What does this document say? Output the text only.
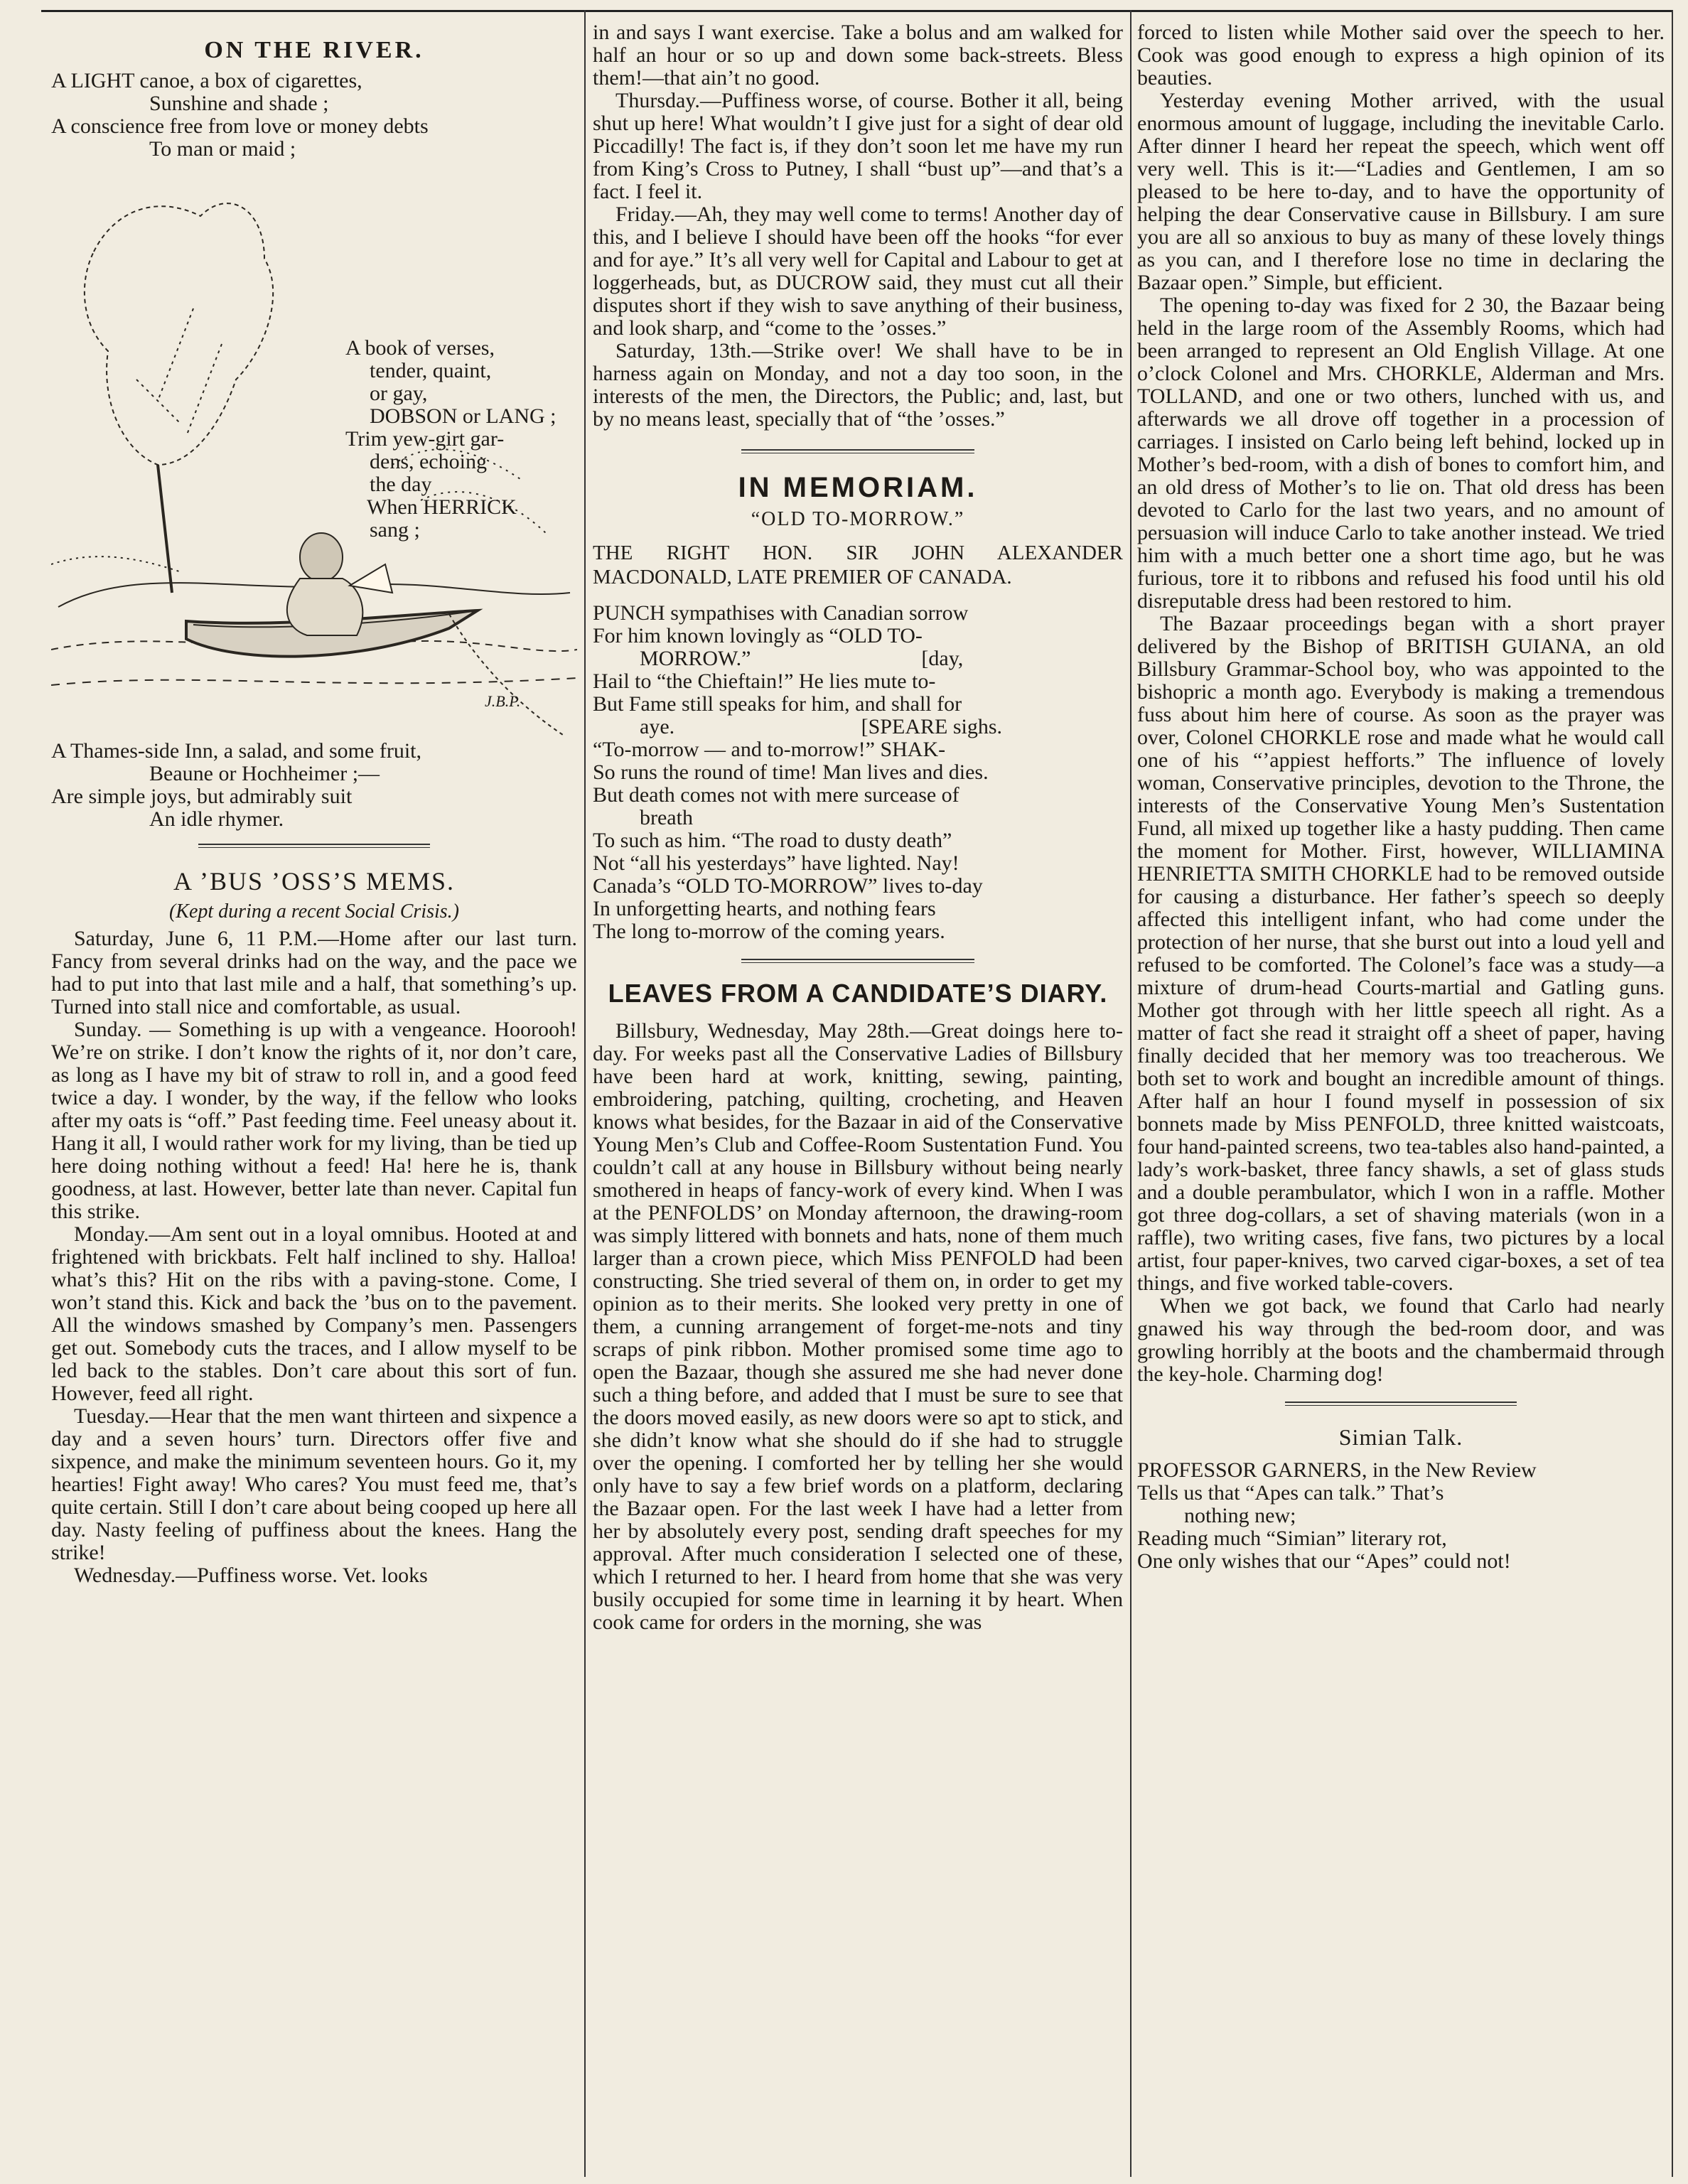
ON THE RIVER.

A LIGHT canoe, a box of cigarettes,

Sunshine and shade ;

A conscience free from love or money debts

To man or maid ;

A book of verses,

tender, quaint,

or gay,

DOBSON or LANG ;

Trim yew-girt gar-

dens, echoing

the day

When HERRICK

sang ;

J.B.P.

A Thames-side Inn, a salad, and some fruit,

Beaune or Hochheimer ;—

Are simple joys, but admirably suit

An idle rhymer.

A ’BUS ’OSS’S MEMS.
(Kept during a recent Social Crisis.)

Saturday, June 6, 11 P.M.—Home after our last turn. Fancy from several drinks had on the way, and the pace we had to put into that last mile and a half, that something’s up. Turned into stall nice and comfortable, as usual.

Sunday. — Something is up with a vengeance. Hoorooh! We’re on strike. I don’t know the rights of it, nor don’t care, as long as I have my bit of straw to roll in, and a good feed twice a day. I wonder, by the way, if the fellow who looks after my oats is “off.” Past feeding time. Feel uneasy about it. Hang it all, I would rather work for my living, than be tied up here doing nothing without a feed! Ha! here he is, thank goodness, at last. However, better late than never. Capital fun this strike.

Monday.—Am sent out in a loyal omnibus. Hooted at and frightened with brickbats. Felt half inclined to shy. Halloa! what’s this? Hit on the ribs with a paving-stone. Come, I won’t stand this. Kick and back the ’bus on to the pavement. All the windows smashed by Company’s men. Passengers get out. Somebody cuts the traces, and I allow myself to be led back to the stables. Don’t care about this sort of fun. However, feed all right.

Tuesday.—Hear that the men want thirteen and sixpence a day and a seven hours’ turn. Directors offer five and sixpence, and make the minimum seventeen hours. Go it, my hearties! Fight away! Who cares? You must feed me, that’s quite certain. Still I don’t care about being cooped up here all day. Nasty feeling of puffiness about the knees. Hang the strike!

Wednesday.—Puffiness worse. Vet. looks

in and says I want exercise. Take a bolus and am walked for half an hour or so up and down some back-streets. Bless them!—that ain’t no good.

Thursday.—Puffiness worse, of course. Bother it all, being shut up here! What wouldn’t I give just for a sight of dear old Piccadilly! The fact is, if they don’t soon let me have my run from King’s Cross to Putney, I shall “bust up”—and that’s a fact. I feel it.

Friday.—Ah, they may well come to terms! Another day of this, and I believe I should have been off the hooks “for ever and for aye.” It’s all very well for Capital and Labour to get at loggerheads, but, as DUCROW said, they must cut all their disputes short if they wish to save anything of their business, and look sharp, and “come to the ’osses.”

Saturday, 13th.—Strike over! We shall have to be in harness again on Monday, and not a day too soon, in the interests of the men, the Directors, the Public; and, last, but by no means least, specially that of “the ’osses.”

IN MEMORIAM.
“OLD TO-MORROW.”

THE RIGHT HON. SIR JOHN ALEXANDER MACDONALD, LATE PREMIER OF CANADA.

PUNCH sympathises with Canadian sorrow

For him known lovingly as “OLD TO-

MORROW.”                                [day,

Hail to “the Chieftain!” He lies mute to-

But Fame still speaks for him, and shall for

aye.                                   [SPEARE sighs.

“To-morrow — and to-morrow!” SHAK-

So runs the round of time! Man lives and dies.

But death comes not with mere surcease of

breath

To such as him. “The road to dusty death”

Not “all his yesterdays” have lighted. Nay!

Canada’s “OLD TO-MORROW” lives to-day

In unforgetting hearts, and nothing fears

The long to-morrow of the coming years.

LEAVES FROM A CANDIDATE’S DIARY.

Billsbury, Wednesday, May 28th.—Great doings here to-day. For weeks past all the Conservative Ladies of Billsbury have been hard at work, knitting, sewing, painting, embroidering, patching, quilting, crocheting, and Heaven knows what besides, for the Bazaar in aid of the Conservative Young Men’s Club and Coffee-Room Sustentation Fund. You couldn’t call at any house in Billsbury without being nearly smothered in heaps of fancy-work of every kind. When I was at the PENFOLDS’ on Monday afternoon, the drawing-room was simply littered with bonnets and hats, none of them much larger than a crown piece, which Miss PENFOLD had been constructing. She tried several of them on, in order to get my opinion as to their merits. She looked very pretty in one of them, a cunning arrangement of forget-me-nots and tiny scraps of pink ribbon. Mother promised some time ago to open the Bazaar, though she assured me she had never done such a thing before, and added that I must be sure to see that the doors moved easily, as new doors were so apt to stick, and she didn’t know what she should do if she had to struggle over the opening. I comforted her by telling her she would only have to say a few brief words on a platform, declaring the Bazaar open. For the last week I have had a letter from her by absolutely every post, sending draft speeches for my approval. After much consideration I selected one of these, which I returned to her. I heard from home that she was very busily occupied for some time in learning it by heart. When cook came for orders in the morning, she was

forced to listen while Mother said over the speech to her. Cook was good enough to express a high opinion of its beauties.

Yesterday evening Mother arrived, with the usual enormous amount of luggage, including the inevitable Carlo. After dinner I heard her repeat the speech, which went off very well. This is it:—“Ladies and Gentlemen, I am so pleased to be here to-day, and to have the opportunity of helping the dear Conservative cause in Billsbury. I am sure you are all so anxious to buy as many of these lovely things as you can, and I therefore lose no time in declaring the Bazaar open.” Simple, but efficient.

The opening to-day was fixed for 2 30, the Bazaar being held in the large room of the Assembly Rooms, which had been arranged to represent an Old English Village. At one o’clock Colonel and Mrs. CHORKLE, Alderman and Mrs. TOLLAND, and one or two others, lunched with us, and afterwards we all drove off together in a procession of carriages. I insisted on Carlo being left behind, locked up in Mother’s bed-room, with a dish of bones to comfort him, and an old dress of Mother’s to lie on. That old dress has been devoted to Carlo for the last two years, and no amount of persuasion will induce Carlo to take another instead. We tried him with a much better one a short time ago, but he was furious, tore it to ribbons and refused his food until his old disreputable dress had been restored to him.

The Bazaar proceedings began with a short prayer delivered by the Bishop of BRITISH GUIANA, an old Billsbury Grammar-School boy, who was appointed to the bishopric a month ago. Everybody is making a tremendous fuss about him here of course. As soon as the prayer was over, Colonel CHORKLE rose and made what he would call one of his “’appiest hefforts.” The influence of lovely woman, Conservative principles, devotion to the Throne, the interests of the Conservative Young Men’s Sustentation Fund, all mixed up together like a hasty pudding. Then came the moment for Mother. First, however, WILLIAMINA HENRIETTA SMITH CHORKLE had to be removed outside for causing a disturbance. Her father’s speech so deeply affected this intelligent infant, who had come under the protection of her nurse, that she burst out into a loud yell and refused to be comforted. The Colonel’s face was a study—a mixture of drum-head Courts-martial and Gatling guns. Mother got through with her little speech all right. As a matter of fact she read it straight off a sheet of paper, having finally decided that her memory was too treacherous. We both set to work and bought an incredible amount of things. After half an hour I found myself in possession of six bonnets made by Miss PENFOLD, three knitted waistcoats, four hand-painted screens, two tea-tables also hand-painted, a lady’s work-basket, three fancy shawls, a set of glass studs and a double perambulator, which I won in a raffle. Mother got three dog-collars, a set of shaving materials (won in a raffle), two writing cases, five fans, two pictures by a local artist, four paper-knives, two carved cigar-boxes, a set of tea things, and five worked table-covers.

When we got back, we found that Carlo had nearly gnawed his way through the bed-room door, and was growling horribly at the boots and the chambermaid through the key-hole. Charming dog!

Simian Talk.

PROFESSOR GARNERS, in the New Review

Tells us that “Apes can talk.” That’s

nothing new;

Reading much “Simian” literary rot,

One only wishes that our “Apes” could not!
